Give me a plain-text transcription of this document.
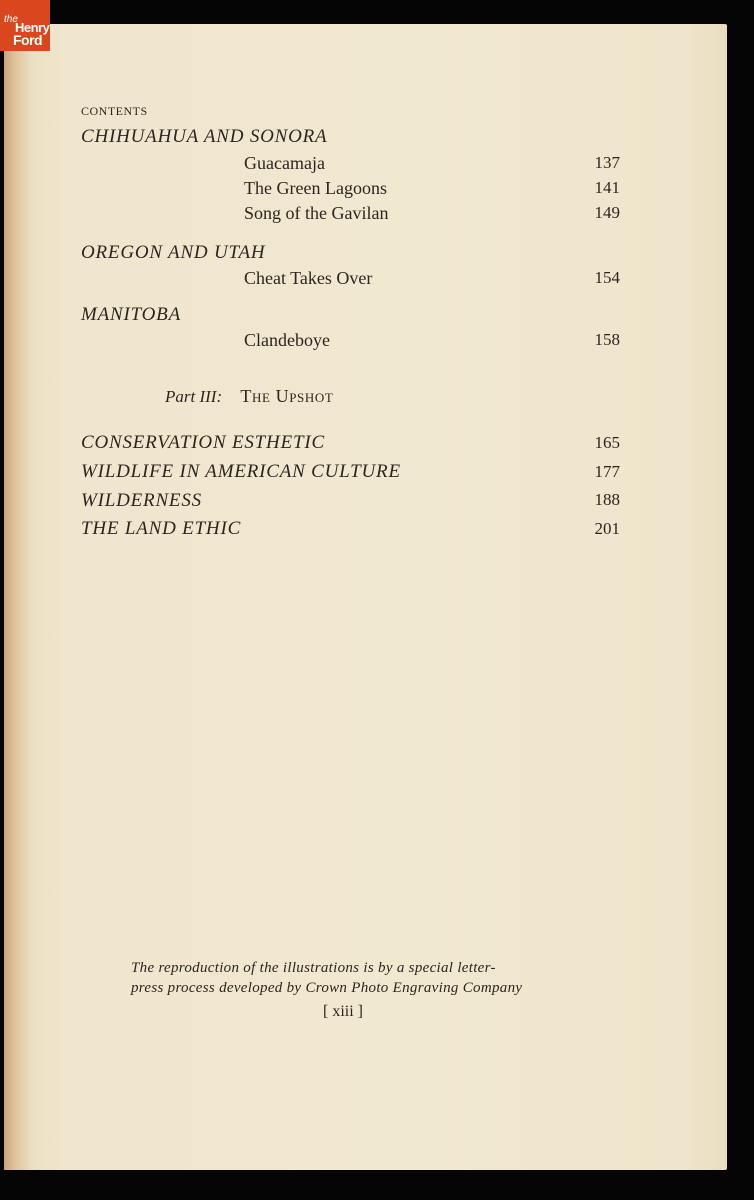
the
Henry
Ford
CONTENTS
CHIHUAHUA AND SONORA
Guacamaja	137
The Green Lagoons	141
Song of the Gavilan	149
OREGON AND UTAH
Cheat Takes Over	154
MANITOBA
Clandeboye	158
Part III: The Upshot
CONSERVATION ESTHETIC	165
WILDLIFE IN AMERICAN CULTURE	177
WILDERNESS	188
THE LAND ETHIC	201
The reproduction of the illustrations is by a special letter-
press process developed by Crown Photo Engraving Company
[ xiii ]
